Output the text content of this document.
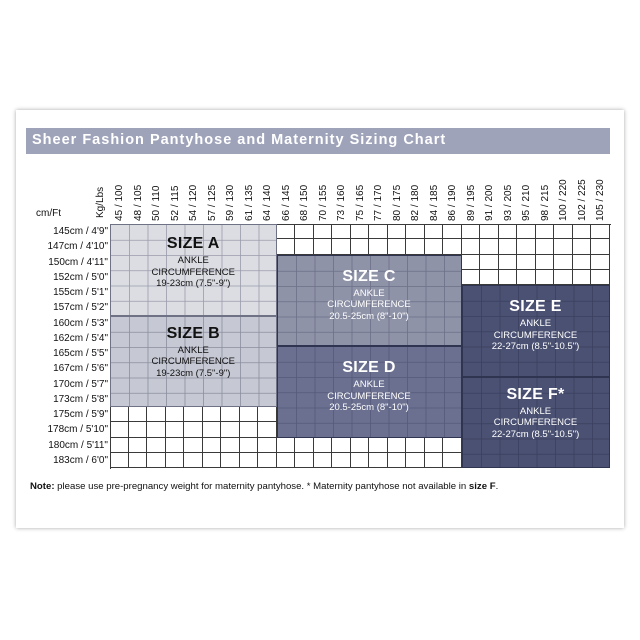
Sheer Fashion Pantyhose and Maternity Sizing Chart
cm/Ft	Kg/Lbs 45 / 100 48 / 105 50 / 110 52 / 115 54 / 120 57 / 125 59 / 130 61 / 135 64 / 140 66 / 145 68 / 150 70 / 155 73 / 160 75 / 165 77 / 170 80 / 175 82 / 180 84 / 185 86 / 190 89 / 195 91 / 200 93 / 205 95 / 210 98 / 215 100 / 220 102 / 225 105 / 230
145cm / 4'9"
147cm / 4'10"
150cm / 4'11"
152cm / 5'0"
155cm / 5'1"
157cm / 5'2"
160cm / 5'3"
162cm / 5'4"
165cm / 5'5"
167cm / 5'6"
170cm / 5'7"
173cm / 5'8"
175cm / 5'9"
178cm / 5'10"
180cm / 5'11"
183cm / 6'0"
SIZE A
ANKLE
CIRCUMFERENCE
19-23cm (7.5"-9")
SIZE B
ANKLE
CIRCUMFERENCE
19-23cm (7.5"-9")
SIZE C
ANKLE
CIRCUMFERENCE
20.5-25cm (8"-10")
SIZE D
ANKLE
CIRCUMFERENCE
20.5-25cm (8"-10")
SIZE E
ANKLE
CIRCUMFERENCE
22-27cm (8.5"-10.5")
SIZE F*
ANKLE
CIRCUMFERENCE
22-27cm (8.5"-10.5")
Note: please use pre-pregnancy weight for maternity pantyhose. * Maternity pantyhose not available in size F.
